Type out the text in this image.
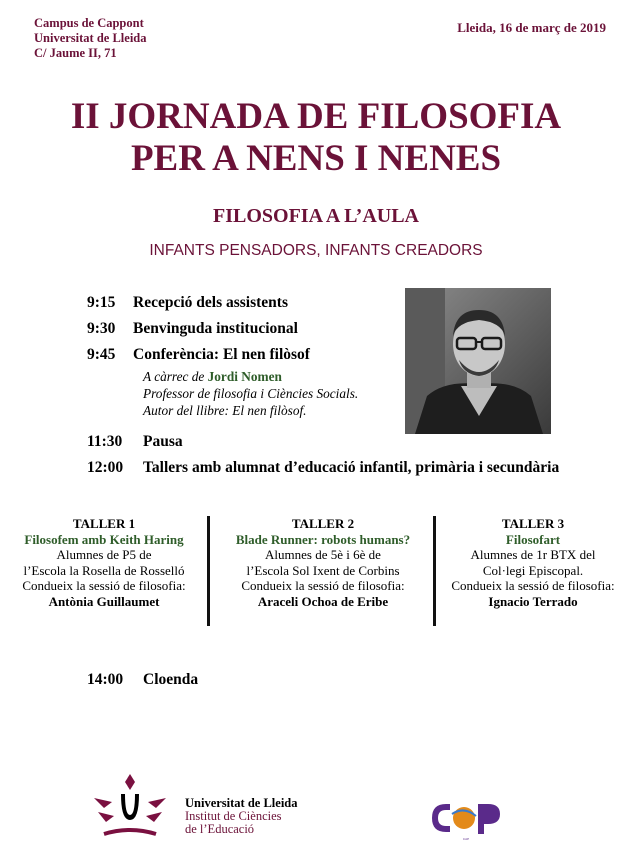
Campus de Cappont
Universitat de Lleida
C/ Jaume II, 71
Lleida, 16 de març de 2019
II JORNADA DE FILOSOFIA
PER A NENS I NENES
FILOSOFIA A L’AULA
INFANTS PENSADORS, INFANTS CREADORS
9:15 Recepció dels assistents
9:30 Benvinguda institucional
9:45 Conferència: El nen filòsof
A càrrec de Jordi Nomen
Professor de filosofia i Ciències Socials.
Autor del llibre: El nen filòsof.
11:30 Pausa
12:00 Tallers amb alumnat d’educació infantil, primària i secundària
TALLER 1
Filosofem amb Keith Haring
Alumnes de P5 de
l’Escola la Rosella de Rosselló
Condueix la sessió de filosofia:
Antònia Guillaumet
TALLER 2
Blade Runner: robots humans?
Alumnes de 5è i 6è de
l’Escola Sol Ixent de Corbins
Condueix la sessió de filosofia:
Araceli Ochoa de Eribe
TALLER 3
Filosofart
Alumnes de 1r BTX del
Col·legi Episcopal.
Condueix la sessió de filosofia:
Ignacio Terrado
14:00 Cloenda
Universitat de Lleida
Institut de Ciències
de l’Educació
CAP
